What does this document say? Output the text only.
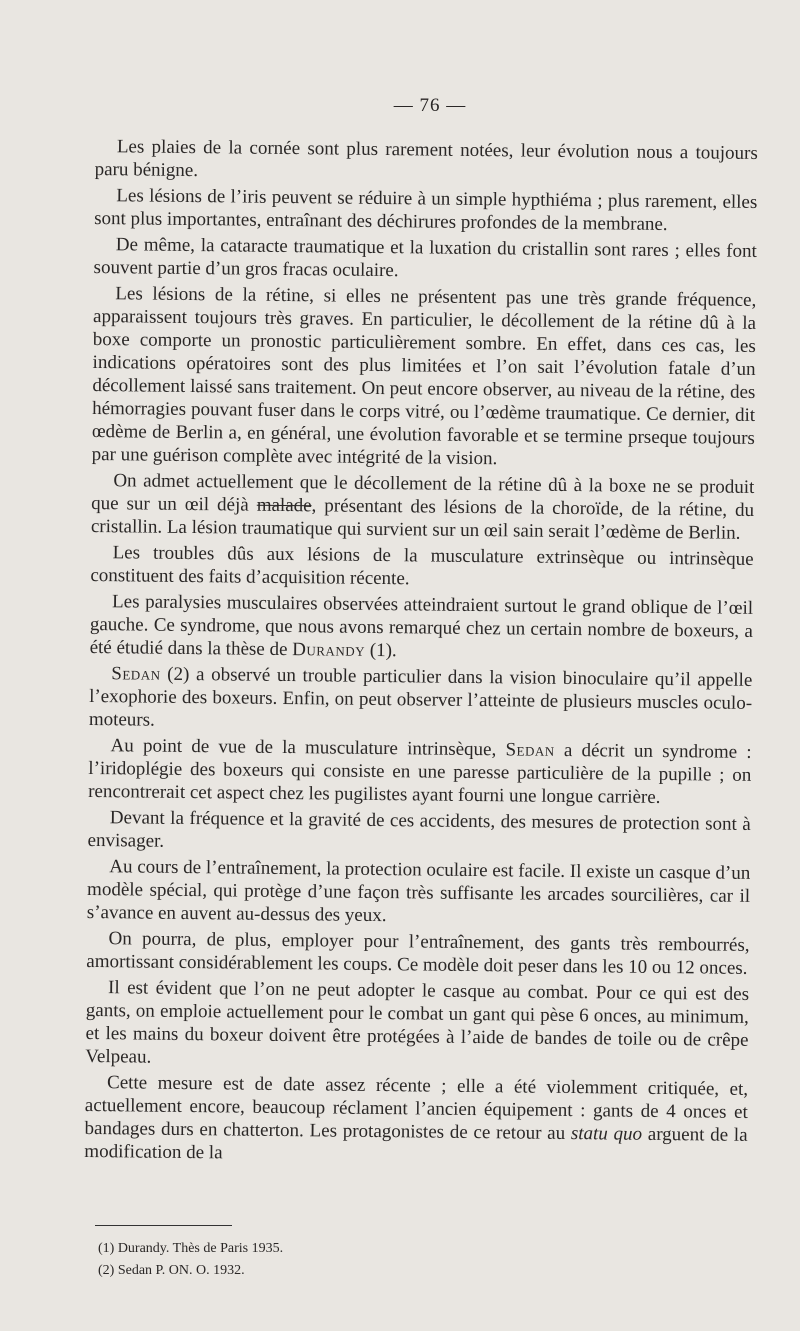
— 76 —

Les plaies de la cornée sont plus rarement notées, leur évolution nous a toujours paru bénigne.

Les lésions de l’iris peuvent se réduire à un simple hypthiéma ; plus rarement, elles sont plus importantes, entraînant des déchirures profondes de la membrane.

De même, la cataracte traumatique et la luxation du cristallin sont rares ; elles font souvent partie d’un gros fracas oculaire.

Les lésions de la rétine, si elles ne présentent pas une très grande fréquence, apparaissent toujours très graves. En particulier, le décollement de la rétine dû à la boxe comporte un pronostic particulièrement sombre. En effet, dans ces cas, les indications opératoires sont des plus limitées et l’on sait l’évolution fatale d’un décollement laissé sans traitement. On peut encore observer, au niveau de la rétine, des hémorragies pouvant fuser dans le corps vitré, ou l’œdème traumatique. Ce dernier, dit œdème de Berlin a, en général, une évolution favorable et se termine prseque toujours par une guérison complète avec intégrité de la vision.

On admet actuellement que le décollement de la rétine dû à la boxe ne se produit que sur un œil déjà malade, présentant des lésions de la choroïde, de la rétine, du cristallin. La lésion traumatique qui survient sur un œil sain serait l’œdème de Berlin.

Les troubles dûs aux lésions de la musculature extrinsèque ou intrinsèque constituent des faits d’acquisition récente.

Les paralysies musculaires observées atteindraient surtout le grand oblique de l’œil gauche. Ce syndrome, que nous avons remarqué chez un certain nombre de boxeurs, a été étudié dans la thèse de Durandy (1).

Sedan (2) a observé un trouble particulier dans la vision binoculaire qu’il appelle l’exophorie des boxeurs. Enfin, on peut observer l’atteinte de plusieurs muscles oculo-moteurs.

Au point de vue de la musculature intrinsèque, Sedan a décrit un syndrome : l’iridoplégie des boxeurs qui consiste en une paresse particulière de la pupille ; on rencontrerait cet aspect chez les pugilistes ayant fourni une longue carrière.

Devant la fréquence et la gravité de ces accidents, des mesures de protection sont à envisager.

Au cours de l’entraînement, la protection oculaire est facile. Il existe un casque d’un modèle spécial, qui protège d’une façon très suffisante les arcades sourcilières, car il s’avance en auvent au-dessus des yeux.

On pourra, de plus, employer pour l’entraînement, des gants très rembourrés, amortissant considérablement les coups. Ce modèle doit peser dans les 10 ou 12 onces.

Il est évident que l’on ne peut adopter le casque au combat. Pour ce qui est des gants, on emploie actuellement pour le combat un gant qui pèse 6 onces, au minimum, et les mains du boxeur doivent être protégées à l’aide de bandes de toile ou de crêpe Velpeau.

Cette mesure est de date assez récente ; elle a été violemment critiquée, et, actuellement encore, beaucoup réclament l’ancien équipement : gants de 4 onces et bandages durs en chatterton. Les protagonistes de ce retour au statu quo arguent de la modification de la

(1) Durandy. Thès de Paris 1935.
(2) Sedan P. ON. O. 1932.
